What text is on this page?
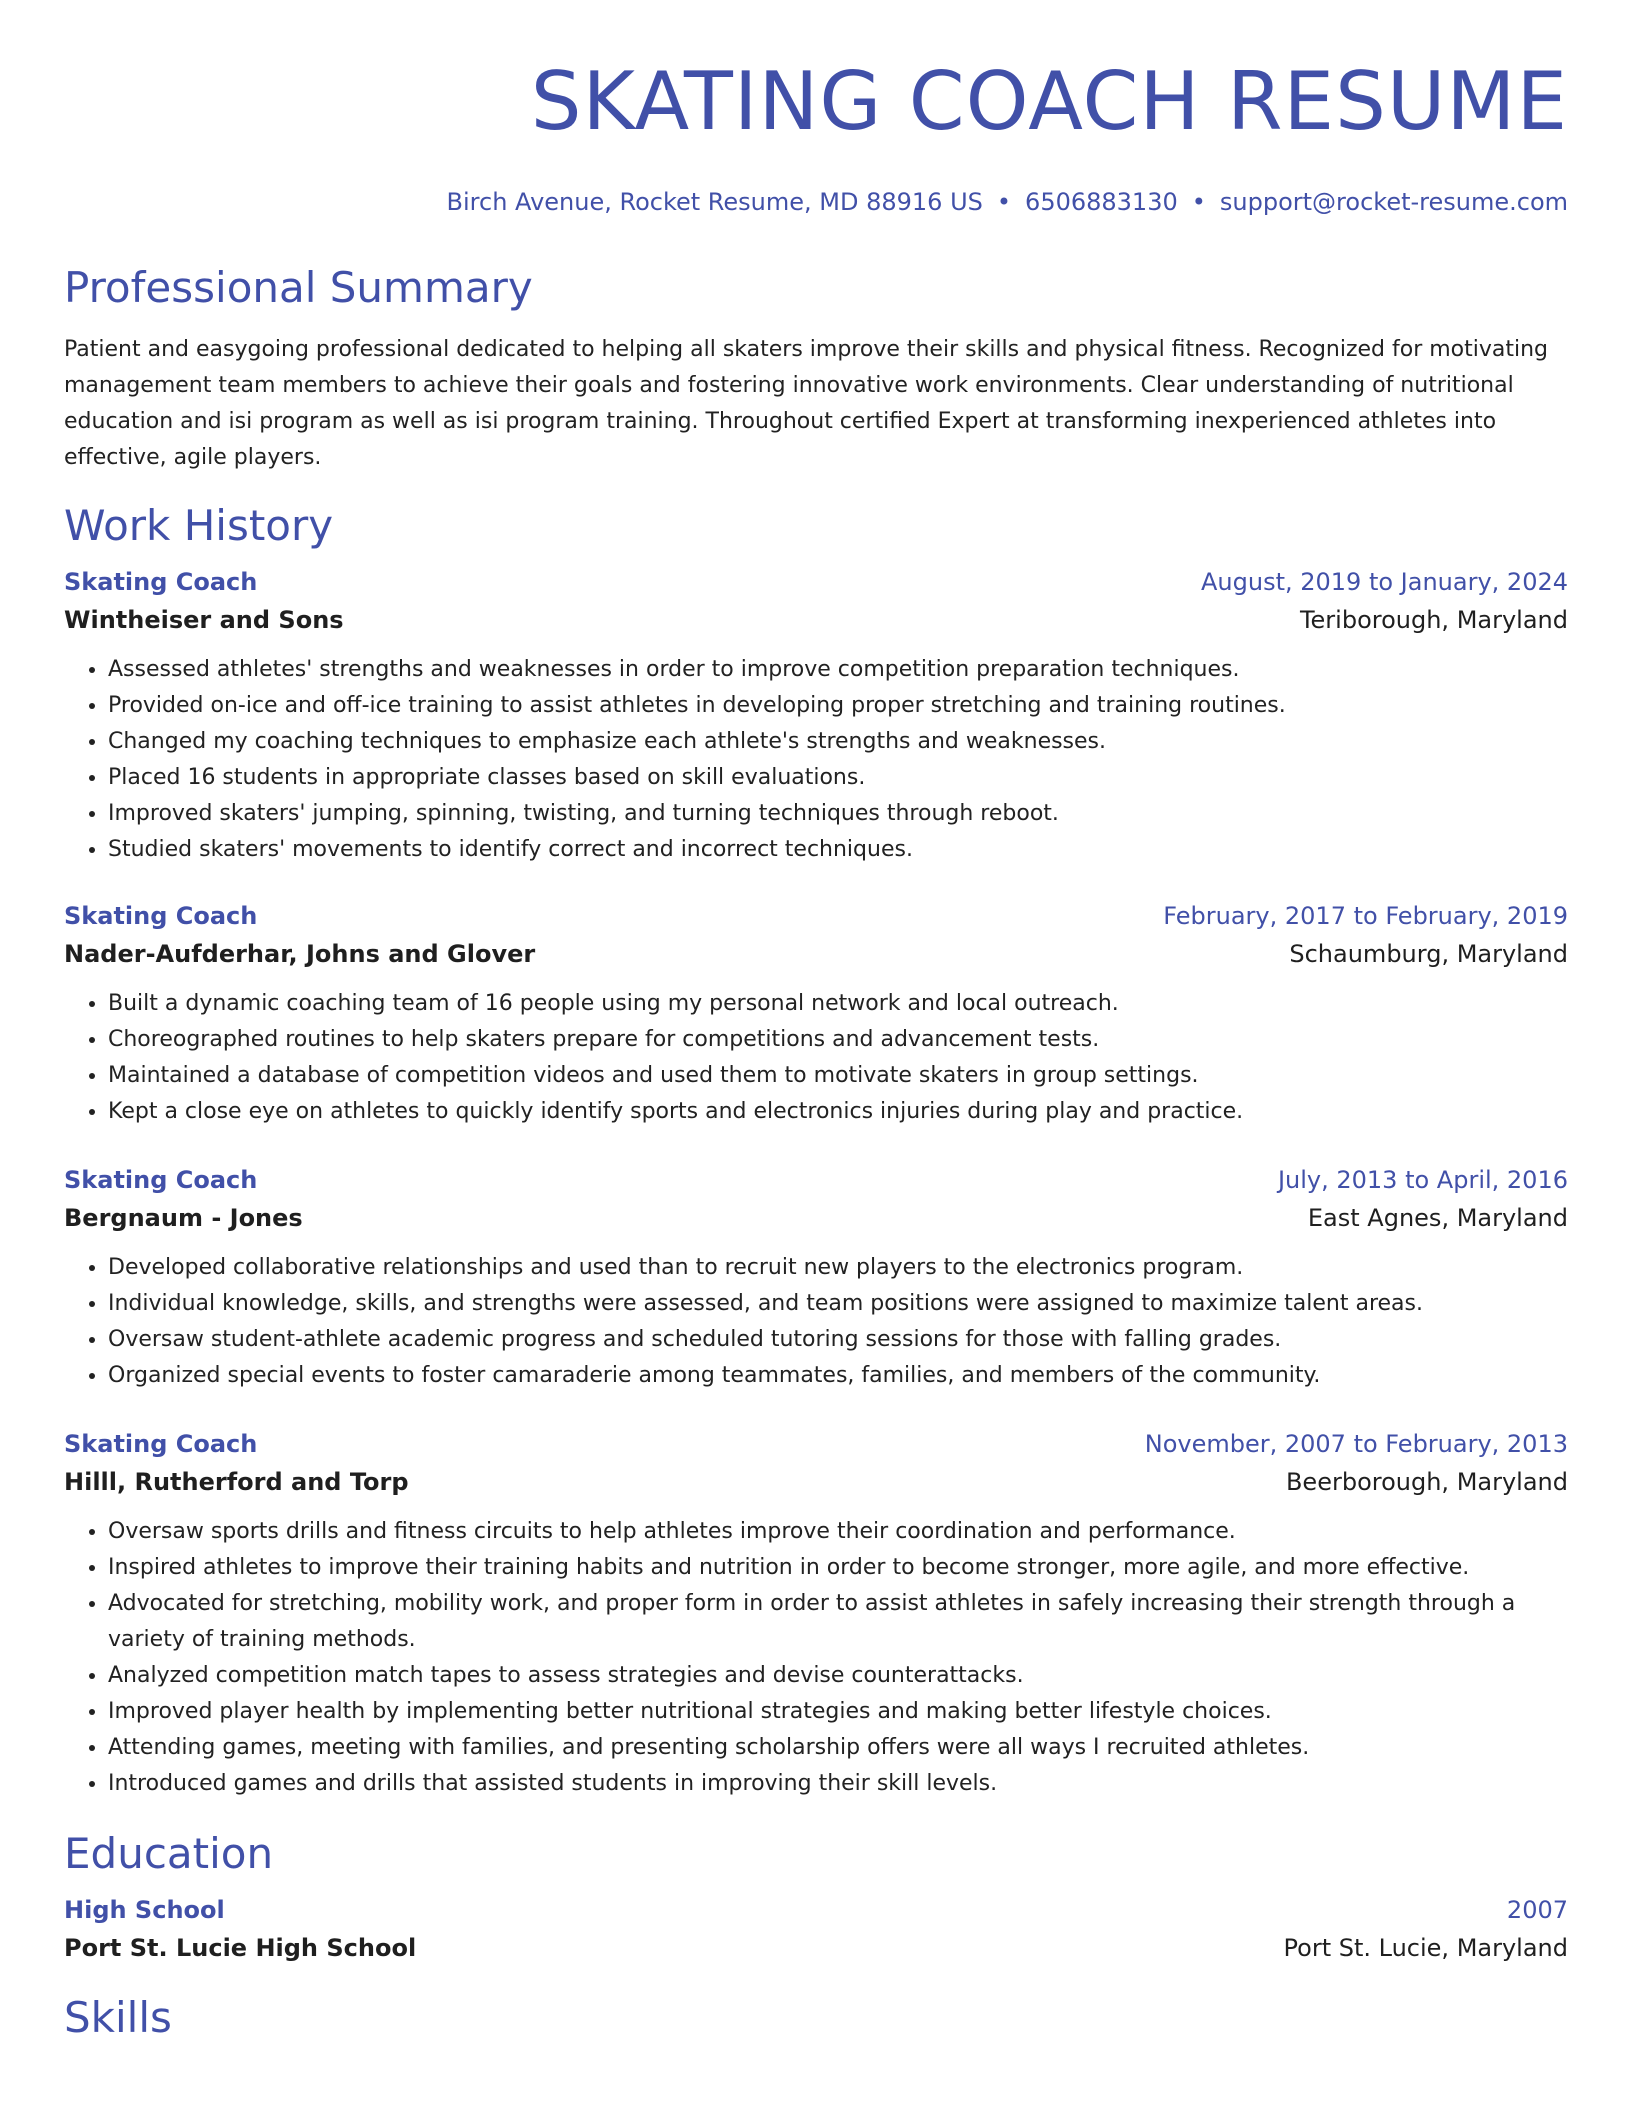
SKATING COACH RESUME
Birch Avenue, Rocket Resume, MD 88916 US • 6506883130 • support@rocket-resume.com
Professional Summary
Patient and easygoing professional dedicated to helping all skaters improve their skills and physical fitness. Recognized for motivating management team members to achieve their goals and fostering innovative work environments. Clear understanding of nutritional education and isi program as well as isi program training. Throughout certified Expert at transforming inexperienced athletes into effective, agile players.
Work History
Skating Coach	August, 2019 to January, 2024
Wintheiser and Sons	Teriborough, Maryland
• Assessed athletes' strengths and weaknesses in order to improve competition preparation techniques.
• Provided on-ice and off-ice training to assist athletes in developing proper stretching and training routines.
• Changed my coaching techniques to emphasize each athlete's strengths and weaknesses.
• Placed 16 students in appropriate classes based on skill evaluations.
• Improved skaters' jumping, spinning, twisting, and turning techniques through reboot.
• Studied skaters' movements to identify correct and incorrect techniques.
Skating Coach	February, 2017 to February, 2019
Nader-Aufderhar, Johns and Glover	Schaumburg, Maryland
• Built a dynamic coaching team of 16 people using my personal network and local outreach.
• Choreographed routines to help skaters prepare for competitions and advancement tests.
• Maintained a database of competition videos and used them to motivate skaters in group settings.
• Kept a close eye on athletes to quickly identify sports and electronics injuries during play and practice.
Skating Coach	July, 2013 to April, 2016
Bergnaum - Jones	East Agnes, Maryland
• Developed collaborative relationships and used than to recruit new players to the electronics program.
• Individual knowledge, skills, and strengths were assessed, and team positions were assigned to maximize talent areas.
• Oversaw student-athlete academic progress and scheduled tutoring sessions for those with falling grades.
• Organized special events to foster camaraderie among teammates, families, and members of the community.
Skating Coach	November, 2007 to February, 2013
Hilll, Rutherford and Torp	Beerborough, Maryland
• Oversaw sports drills and fitness circuits to help athletes improve their coordination and performance.
• Inspired athletes to improve their training habits and nutrition in order to become stronger, more agile, and more effective.
• Advocated for stretching, mobility work, and proper form in order to assist athletes in safely increasing their strength through a variety of training methods.
• Analyzed competition match tapes to assess strategies and devise counterattacks.
• Improved player health by implementing better nutritional strategies and making better lifestyle choices.
• Attending games, meeting with families, and presenting scholarship offers were all ways I recruited athletes.
• Introduced games and drills that assisted students in improving their skill levels.
Education
High School	2007
Port St. Lucie High School	Port St. Lucie, Maryland
Skills
